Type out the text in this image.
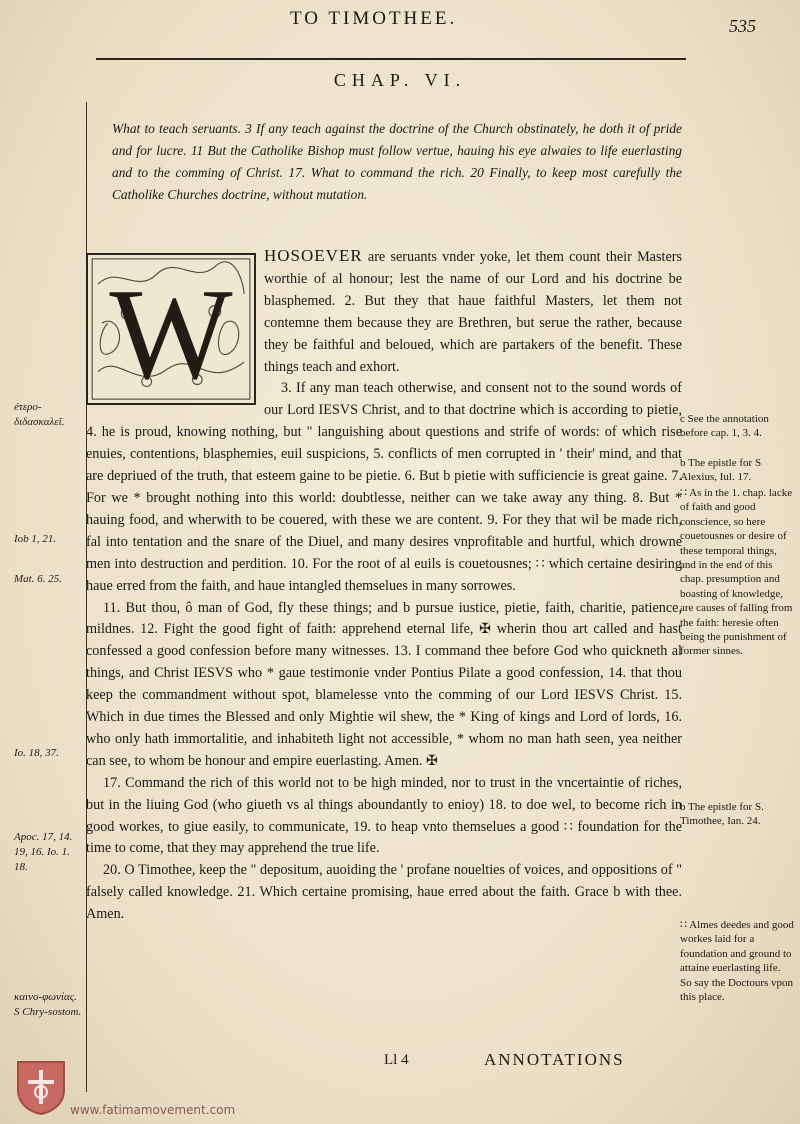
TO TIMOTHEE.	535
CHAP. VI.
What to teach seruants. 3 If any teach against the doctrine of the Church obstinately, he doth it of pride and for lucre. 11 But the Catholike Bishop must follow vertue, hauing his eye alwaies to life euerlasting and to the comming of Christ. 17. What to command the rich. 20 Finally, to keep most carefully the Catholike Churches doctrine, without mutation.
W

HOSOEVER are seruants vnder yoke, let them count their Masters worthie of al honour; lest the name of our Lord and his doctrine be blasphemed. 2. But they that haue faithful Masters, let them not contemne them because they are Brethren, but serue the rather, because they be faithful and beloued, which are partakers of the benefit. These things teach and exhort.

3. If any man teach otherwise, and consent not to the sound words of our Lord IESVS Christ, and to that doctrine which is according to pietie, 4. he is proud, knowing nothing, but " languishing about questions and strife of words: of which rise enuies, contentions, blasphemies, euil suspicions, 5. conflicts of men corrupted in ' their' mind, and that are depriued of the truth, that esteem gaine to be pietie. 6. But b pietie with sufficiencie is great gaine. 7. For we * brought nothing into this world: doubtlesse, neither can we take away any thing. 8. But * hauing food, and wherwith to be couered, with these we are content. 9. For they that wil be made rich, fal into tentation and the snare of the Diuel, and many desires vnprofitable and hurtful, which drowne men into destruction and perdition. 10. For the root of al euils is couetousnes; ∷ which certaine desiring haue erred from the faith, and haue intangled themselues in many sorrowes.

11. But thou, ô man of God, fly these things; and b pursue iustice, pietie, faith, charitie, patience, mildnes. 12. Fight the good fight of faith: apprehend eternal life, ✠ wherin thou art called and hast confessed a good confession before many witnesses. 13. I command thee before God who quickneth al things, and Christ IESVS who * gaue testimonie vnder Pontius Pilate a good confession, 14. that thou keep the commandment without spot, blamelesse vnto the comming of our Lord IESVS Christ. 15. Which in due times the Blessed and only Mightie wil shew, the * King of kings and Lord of lords, 16. who only hath immortalitie, and inhabiteth light not accessible, * whom no man hath seen, yea neither can see, to whom be honour and empire euerlasting. Amen. ✠

17. Command the rich of this world not to be high minded, nor to trust in the vncertaintie of riches, but in the liuing God (who giueth vs al things aboundantly to enioy) 18. to doe wel, to become rich in good workes, to giue easily, to communicate, 19. to heap vnto themselues a good ∷ foundation for the time to come, that they may apprehend the true life.

20. O Timothee, keep the " depositum, auoiding the ' profane nouelties of voices, and oppositions of " falsely called knowledge. 21. Which certaine promising, haue erred about the faith. Grace b with thee. Amen.

éτερo-διδασκαλεῖ.
Iob 1, 21.
Mat. 6. 25.
Io. 18, 37.
Apoc. 17, 14. 19, 16. Io. 1. 18.
καινo-φωνίας. S Chry-sostom.
c See the annotation before cap. 1, 3. 4.
b The epistle for S Alexius, Iul. 17.
∷ As in the 1. chap. lacke of faith and good conscience, so here couetousnes or desire of these temporal things, and in the end of this chap. presumption and boasting of knowledge, are causes of falling from the faith: heresie often being the punishment of former sinnes.
b The epistle for S. Timothee, Ian. 24.
∷ Almes deedes and good workes laid for a foundation and ground to attaine euerlasting life. So say the Doctours vpon this place.
Ll 4	ANNOTATIONS
www.fatimamovement.com
